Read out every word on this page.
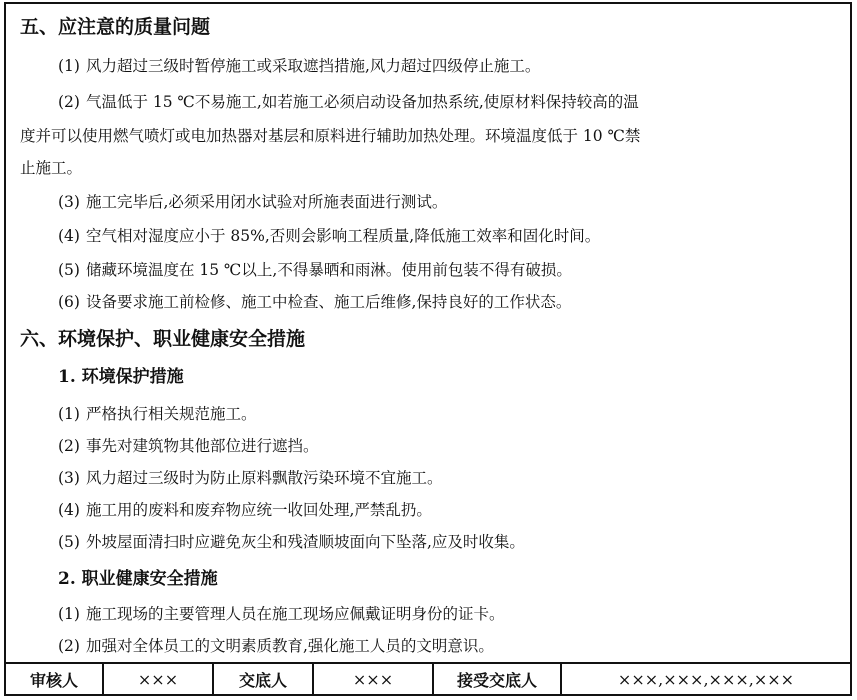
五、应注意的质量问题
(1) 风力超过三级时暂停施工或采取遮挡措施,风力超过四级停止施工。
(2) 气温低于 15 ℃不易施工,如若施工必须启动设备加热系统,使原材料保持较高的温
度并可以使用燃气喷灯或电加热器对基层和原料进行辅助加热处理。环境温度低于 10 ℃禁
止施工。
(3) 施工完毕后,必须采用闭水试验对所施表面进行测试。
(4) 空气相对湿度应小于 85%,否则会影响工程质量,降低施工效率和固化时间。
(5) 储藏环境温度在 15 ℃以上,不得暴晒和雨淋。使用前包装不得有破损。
(6) 设备要求施工前检修、施工中检查、施工后维修,保持良好的工作状态。
六、环境保护、职业健康安全措施
1. 环境保护措施
(1) 严格执行相关规范施工。
(2) 事先对建筑物其他部位进行遮挡。
(3) 风力超过三级时为防止原料飘散污染环境不宜施工。
(4) 施工用的废料和废弃物应统一收回处理,严禁乱扔。
(5) 外坡屋面清扫时应避免灰尘和残渣顺坡面向下坠落,应及时收集。
2. 职业健康安全措施
(1) 施工现场的主要管理人员在施工现场应佩戴证明身份的证卡。
(2) 加强对全体员工的文明素质教育,强化施工人员的文明意识。
审核人	×××	交底人	×××	接受交底人	×××,×××,×××,×××
